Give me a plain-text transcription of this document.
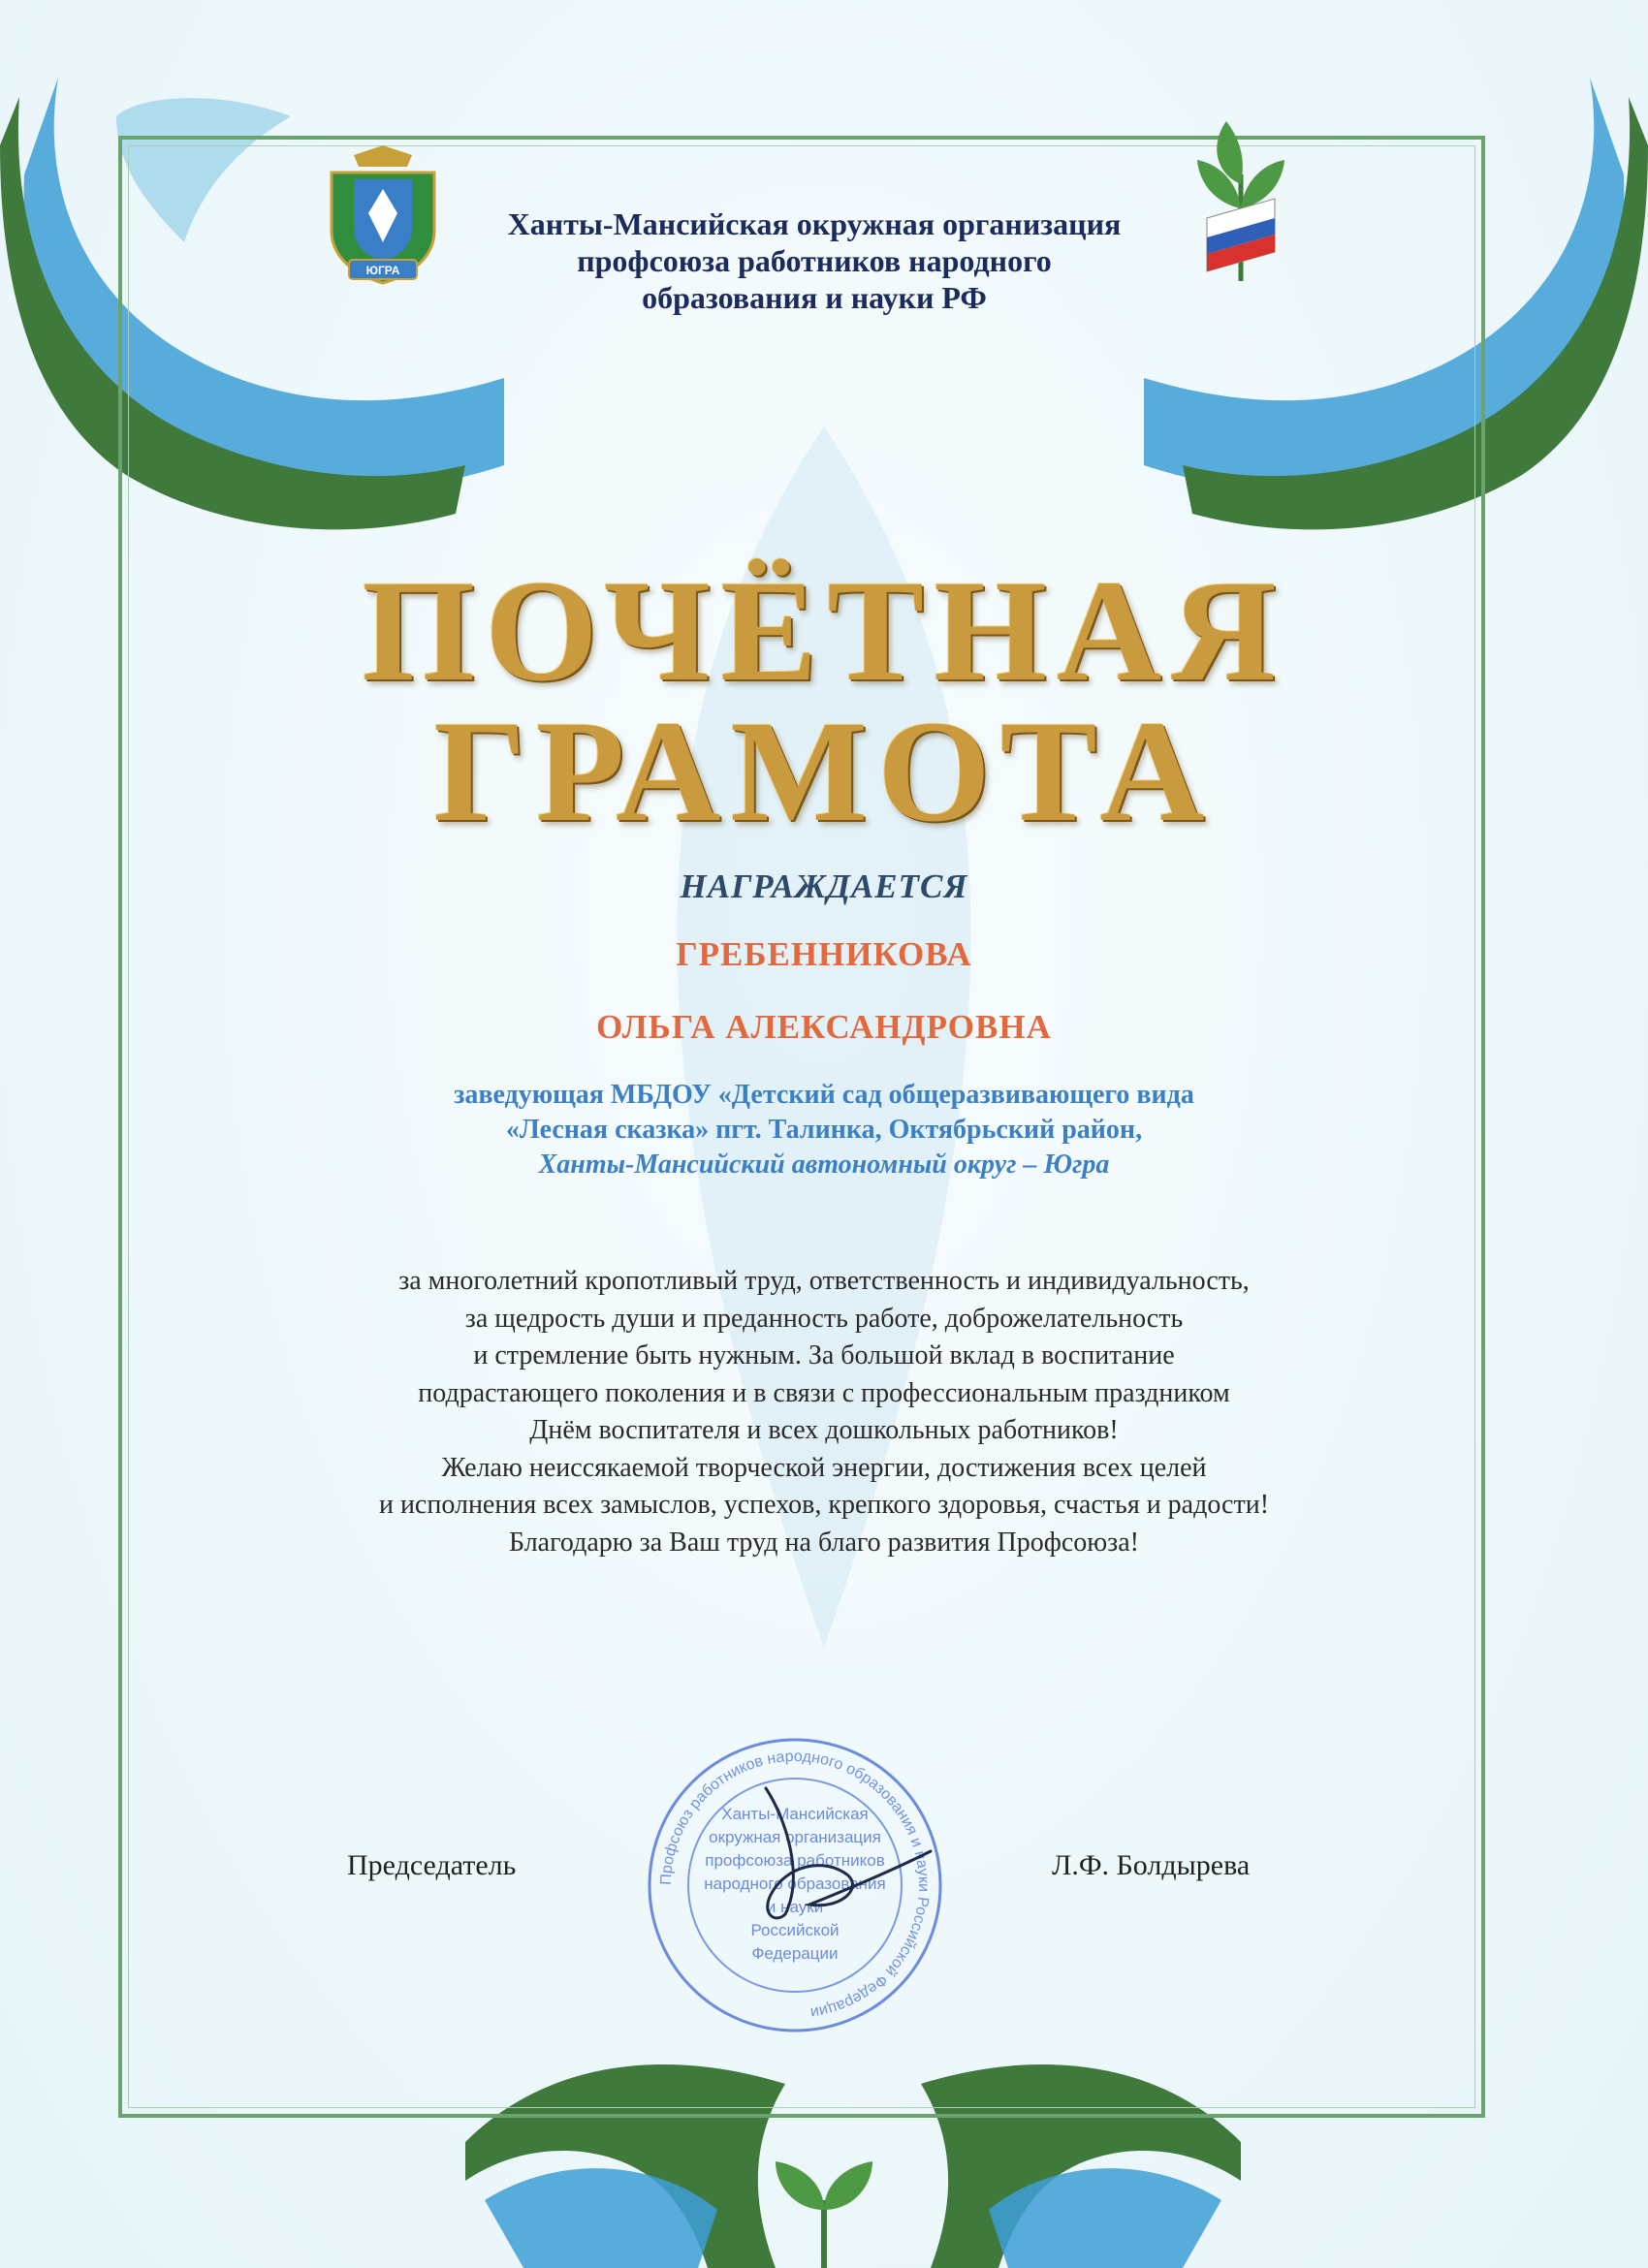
ЮГРА
Ханты-Мансийская окружная организация
профсоюза работников народного
образования и науки РФ
ПОЧЁТНАЯ
ГРАМОТА
НАГРАЖДАЕТСЯ
ГРЕБЕННИКОВА
ОЛЬГА АЛЕКСАНДРОВНА
заведующая МБДОУ «Детский сад общеразвивающего вида
«Лесная сказка» пгт. Талинка, Октябрьский район,
Ханты-Мансийский автономный округ – Югра
за многолетний кропотливый труд, ответственность и индивидуальность,
за щедрость души и преданность работе, доброжелательность
и стремление быть нужным. За большой вклад в воспитание
подрастающего поколения и в связи с профессиональным праздником
Днём воспитателя и всех дошкольных работников!
Желаю неиссякаемой творческой энергии, достижения всех целей
и исполнения всех замыслов, успехов, крепкого здоровья, счастья и радости!
Благодарю за Ваш труд на благо развития Профсоюза!
Председатель	Л.Ф. Болдырева
Профсоюз работников народного образования и науки Российской Федерации
Ханты-Мансийская
окружная организация
профсоюза работников
народного образования
и науки
Российской
Федерации
